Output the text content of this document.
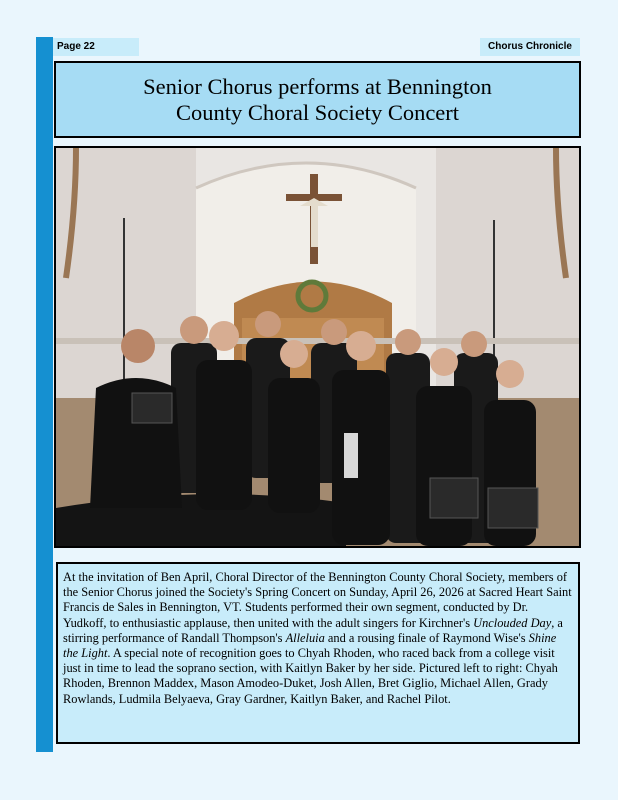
Page 22	Chorus Chronicle
Senior Chorus performs at Bennington
County Choral Society Concert
At the invitation of Ben April, Choral Director of the Bennington County Choral Society, members of the Senior Chorus joined the Society's Spring Concert on Sunday, April 26, 2026 at Sacred Heart Saint Francis de Sales in Bennington, VT. Students performed their own segment, conducted by Dr. Yudkoff, to enthusiastic applause, then united with the adult singers for Kirchner's Unclouded Day, a stirring performance of Randall Thompson's Alleluia and a rousing finale of Raymond Wise's Shine the Light. A special note of recognition goes to Chyah Rhoden, who raced back from a college visit just in time to lead the soprano section, with Kaitlyn Baker by her side. Pictured left to right: Chyah Rhoden, Brennon Maddex, Mason Amodeo-Duket, Josh Allen, Bret Giglio, Michael Allen, Grady Rowlands, Ludmila Belyaeva, Gray Gardner, Kaitlyn Baker, and Rachel Pilot.
